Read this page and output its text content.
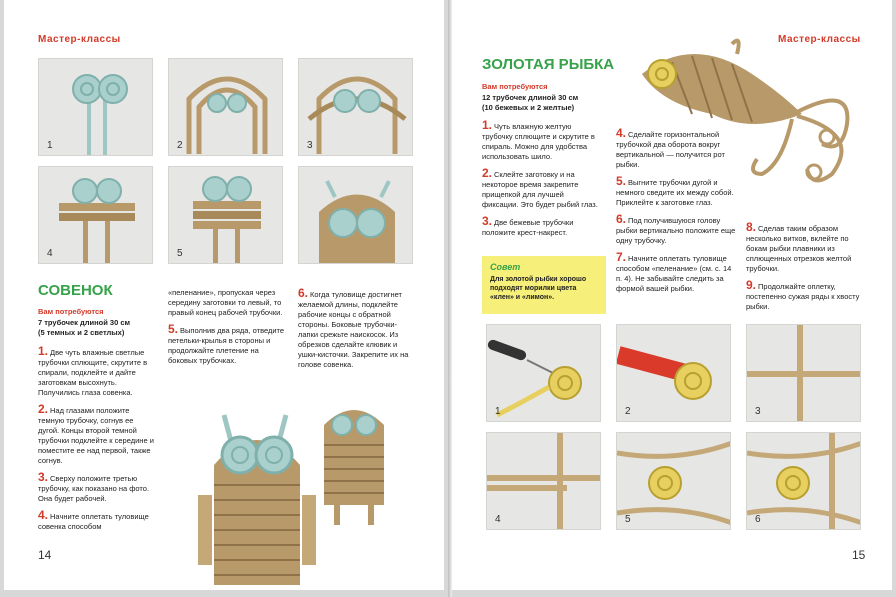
Мастер-классы
1	2	3
4	5
СОВЕНОК
Вам потребуются
7 трубочек длиной 30 см
(5 темных и 2 светлых)
1. Две чуть влажные светлые трубочки сплющите, скрутите в спирали, подклейте и дайте заготовкам высохнуть. Получились глаза совенка.
2. Над глазами положите темную трубочку, согнув ее дугой. Концы второй темной трубочки подклейте к середине и поместите ее над первой, также согнув.
3. Сверху положите третью трубочку, как показано на фото. Она будет рабочей.
4. Начните оплетать туловище совенка способом
«пеленание», пропуская через середину заготовки то левый, то правый конец рабочей трубочки.
5. Выполнив два ряда, отведите петельки-крылья в стороны и продолжайте плетение на боковых трубочках.
6. Когда туловище достигнет желаемой длины, подклейте рабочие концы с обратной стороны. Боковые трубочки-лапки срежьте наискосок. Из обрезков сделайте клювик и ушки-кисточки. Закрепите их на голове совенка.
14
Мастер-классы
ЗОЛОТАЯ РЫБКА
Вам потребуются
12 трубочек длиной 30 см
(10 бежевых и 2 желтые)
1. Чуть влажную желтую трубочку сплющите и скрутите в спираль. Можно для удобства использовать шило.
2. Склейте заготовку и на некоторое время закрепите прищепкой для лучшей фиксации. Это будет рыбий глаз.
3. Две бежевые трубочки положите крест-накрест.
Совет
Для золотой рыбки хорошо подходят морилки цвета «клен» и «лимон».
4. Сделайте горизонтальной трубочкой два оборота вокруг вертикальной — получится рот рыбки.
5. Выгните трубочки дугой и немного сведите их между собой. Приклейте к заготовке глаз.
6. Под получившуюся голову рыбки вертикально положите еще одну трубочку.
7. Начните оплетать туловище способом «пеленание» (см. с. 14 п. 4). Не забывайте следить за формой вашей рыбки.
8. Сделав таким образом несколько витков, вклейте по бокам рыбки плавники из сплющенных отрезков желтой трубочки.
9. Продолжайте оплетку, постепенно сужая ряды к хвосту рыбки.
1	2	3
4	5	6
15
